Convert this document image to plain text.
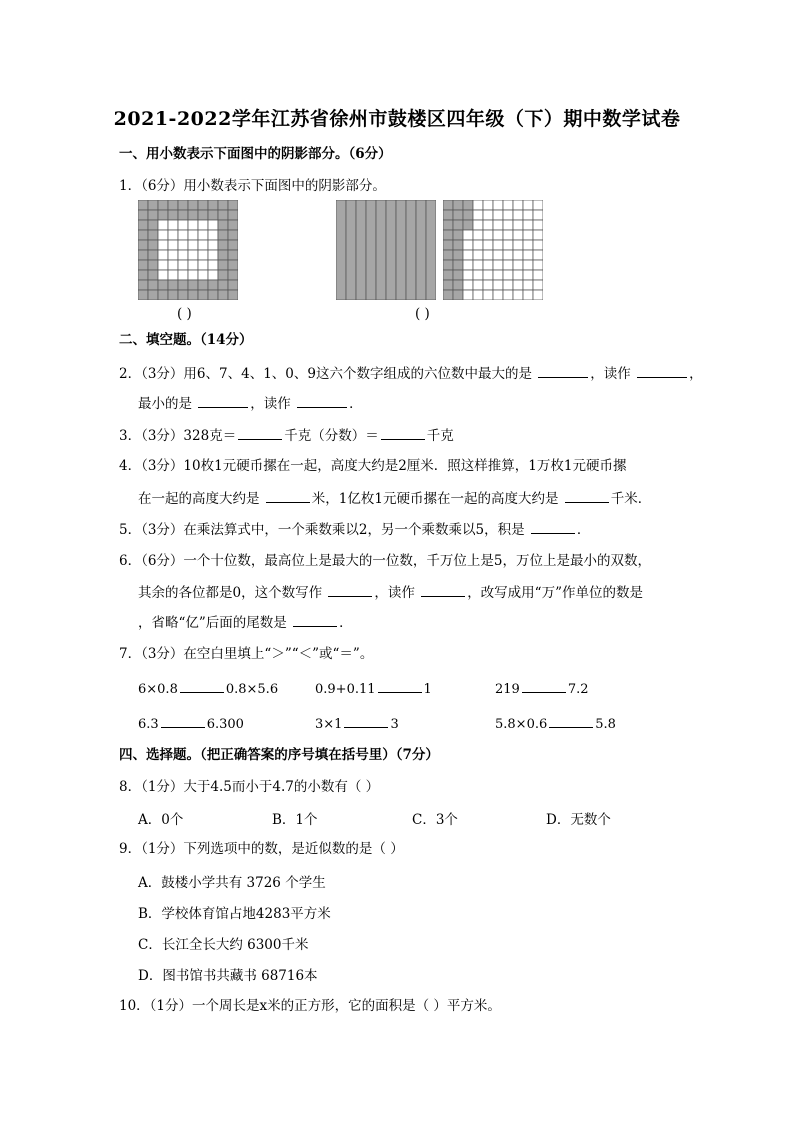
2021-2022学年江苏省徐州市鼓楼区四年级（下）期中数学试卷
一、用小数表示下面图中的阴影部分。（6分）
1．（6分）用小数表示下面图中的阴影部分。
( )	( )
二、填空题。（14分）
2．（3分）用6、7、4、1、0、9这六个数字组成的六位数中最大的是	，读作	，
最小的是	，读作	．
3．（3分）328克＝	千克（分数）＝	千克
4．（3分）10枚1元硬币摞在一起，高度大约是2厘米．照这样推算，1万枚1元硬币摞
在一起的高度大约是	米，1亿枚1元硬币摞在一起的高度大约是	千米．
5．（3分）在乘法算式中，一个乘数乘以2，另一个乘数乘以5，积是	．
6．（6分）一个十位数，最高位上是最大的一位数，千万位上是5，万位上是最小的双数，
其余的各位都是0，这个数写作	，读作	，改写成用“万”作单位的数是
，省略“亿”后面的尾数是	．
7．（3分）在空白里填上“＞”“＜”或“＝”。
6×0.8	0.8×5.6	0.9+0.11	1	219	7.2
6.3	6.300	3×1	3	5.8×0.6	5.8
四、选择题。（把正确答案的序号填在括号里）（7分）
8．（1分）大于4.5而小于4.7的小数有（ ）
A．0个	B．1个	C．3个	D．无数个
9．（1分）下列选项中的数，是近似数的是（ ）
A．鼓楼小学共有 3726 个学生
B．学校体育馆占地4283平方米
C．长江全长大约 6300千米
D．图书馆书共藏书 68716本
10．（1分）一个周长是x米的正方形，它的面积是（ ）平方米。
